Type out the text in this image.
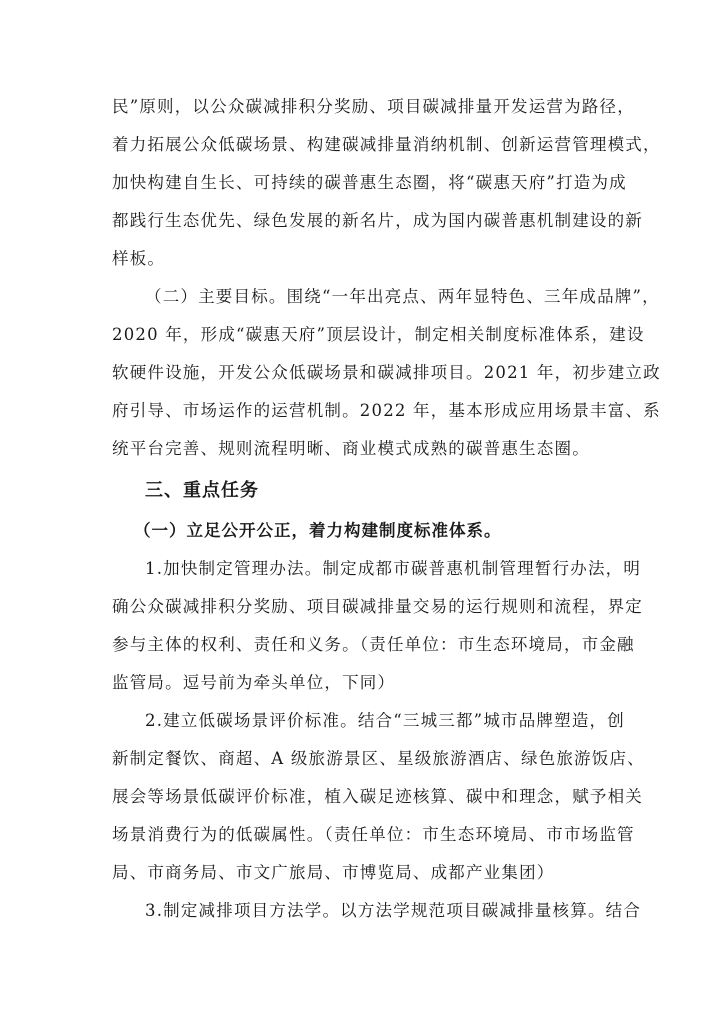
民”原则，以公众碳减排积分奖励、项目碳减排量开发运营为路径，

着力拓展公众低碳场景、构建碳减排量消纳机制、创新运营管理模式，

加快构建自生长、可持续的碳普惠生态圈，将“碳惠天府”打造为成

都践行生态优先、绿色发展的新名片，成为国内碳普惠机制建设的新

样板。

（二）主要目标。围绕“一年出亮点、两年显特色、三年成品牌”，

2020 年，形成“碳惠天府”顶层设计，制定相关制度标准体系，建设

软硬件设施，开发公众低碳场景和碳减排项目。2021 年，初步建立政

府引导、市场运作的运营机制。2022 年，基本形成应用场景丰富、系

统平台完善、规则流程明晰、商业模式成熟的碳普惠生态圈。

三、重点任务
（一）立足公开公正，着力构建制度标准体系。

1.加快制定管理办法。制定成都市碳普惠机制管理暂行办法，明

确公众碳减排积分奖励、项目碳减排量交易的运行规则和流程，界定

参与主体的权利、责任和义务。（责任单位：市生态环境局，市金融

监管局。逗号前为牵头单位，下同）

2.建立低碳场景评价标准。结合“三城三都”城市品牌塑造，创

新制定餐饮、商超、A 级旅游景区、星级旅游酒店、绿色旅游饭店、

展会等场景低碳评价标准，植入碳足迹核算、碳中和理念，赋予相关

场景消费行为的低碳属性。（责任单位：市生态环境局、市市场监管

局、市商务局、市文广旅局、市博览局、成都产业集团）

3.制定减排项目方法学。以方法学规范项目碳减排量核算。结合
